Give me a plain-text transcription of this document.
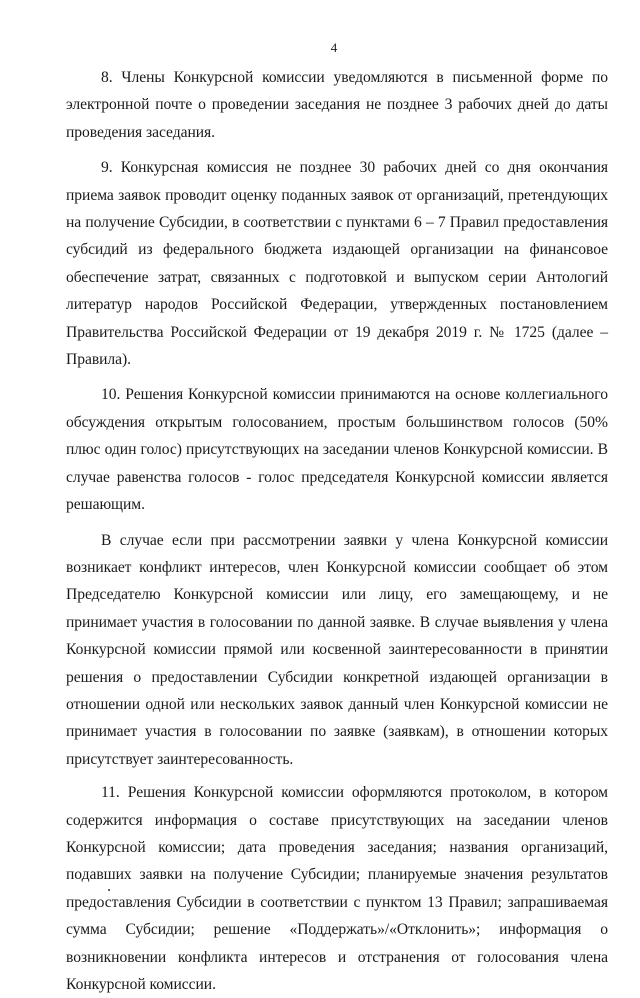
4

8. Члены Конкурсной комиссии уведомляются в письменной форме по электронной почте о проведении заседания не позднее 3 рабочих дней до даты проведения заседания.

9. Конкурсная комиссия не позднее 30 рабочих дней со дня окончания приема заявок проводит оценку поданных заявок от организаций, претендующих на получение Субсидии, в соответствии с пунктами 6 – 7 Правил предоставления субсидий из федерального бюджета издающей организации на финансовое обеспечение затрат, связанных с подготовкой и выпуском серии Антологий литератур народов Российской Федерации, утвержденных постановлением Правительства Российской Федерации от 19 декабря 2019 г. № 1725 (далее – Правила).

10. Решения Конкурсной комиссии принимаются на основе коллегиального обсуждения открытым голосованием, простым большинством голосов (50% плюс один голос) присутствующих на заседании членов Конкурсной комиссии. В случае равенства голосов - голос председателя Конкурсной комиссии является решающим.

В случае если при рассмотрении заявки у члена Конкурсной комиссии возникает конфликт интересов, член Конкурсной комиссии сообщает об этом Председателю Конкурсной комиссии или лицу, его замещающему, и не принимает участия в голосовании по данной заявке. В случае выявления у члена Конкурсной комиссии прямой или косвенной заинтересованности в принятии решения о предоставлении Субсидии конкретной издающей организации в отношении одной или нескольких заявок данный член Конкурсной комиссии не принимает участия в голосовании по заявке (заявкам), в отношении которых присутствует заинтересованность.

11. Решения Конкурсной комиссии оформляются протоколом, в котором содержится информация о составе присутствующих на заседании членов Конкурсной комиссии; дата проведения заседания; названия организаций, подавших заявки на получение Субсидии; планируемые значения результатов предоставления Субсидии в соответствии с пунктом 13 Правил; запрашиваемая сумма Субсидии; решение «Поддержать»/«Отклонить»; информация о возникновении конфликта интересов и отстранения от голосования члена Конкурсной комиссии.
